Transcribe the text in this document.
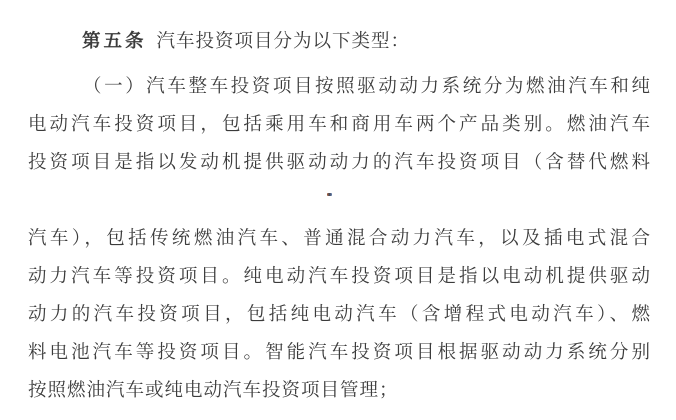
第五条 汽车投资项目分为以下类型：
（一）汽车整车投资项目按照驱动动力系统分为燃油汽车和纯
电动汽车投资项目，包括乘用车和商用车两个产品类别。燃油汽车
投资项目是指以发动机提供驱动动力的汽车投资项目（含替代燃料
汽车），包括传统燃油汽车、普通混合动力汽车，以及插电式混合
动力汽车等投资项目。纯电动汽车投资项目是指以电动机提供驱动
动力的汽车投资项目，包括纯电动汽车（含增程式电动汽车）、燃
料电池汽车等投资项目。智能汽车投资项目根据驱动动力系统分别
按照燃油汽车或纯电动汽车投资项目管理；
